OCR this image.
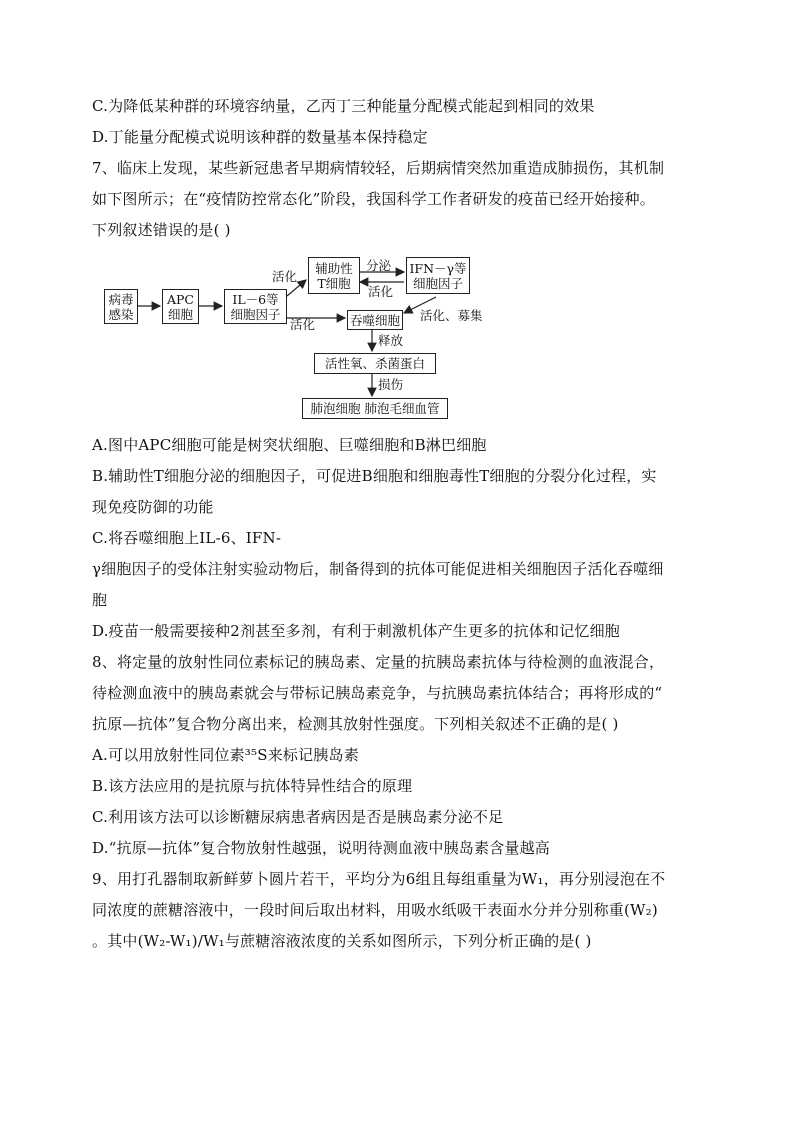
C.为降低某种群的环境容纳量，乙丙丁三种能量分配模式能起到相同的效果
D.丁能量分配模式说明该种群的数量基本保持稳定
7、临床上发现，某些新冠患者早期病情较轻，后期病情突然加重造成肺损伤，其机制
如下图所示；在“疫情防控常态化”阶段，我国科学工作者研发的疫苗已经开始接种。
下列叙述错误的是( )
病毒
感染
APC
细胞
IL－6等
细胞因子
辅助性
T细胞
IFN－γ等
细胞因子
吞噬细胞
活性氧、杀菌蛋白
肺泡细胞 肺泡毛细血管
活化
活化
分泌
活化
活化、募集
释放
损伤
A.图中APC细胞可能是树突状细胞、巨噬细胞和B淋巴细胞
B.辅助性T细胞分泌的细胞因子，可促进B细胞和细胞毒性T细胞的分裂分化过程，实
现免疫防御的功能
C.将吞噬细胞上IL-6、IFN-
γ细胞因子的受体注射实验动物后，制备得到的抗体可能促进相关细胞因子活化吞噬细
胞
D.疫苗一般需要接种2剂甚至多剂，有利于刺激机体产生更多的抗体和记忆细胞
8、将定量的放射性同位素标记的胰岛素、定量的抗胰岛素抗体与待检测的血液混合，
待检测血液中的胰岛素就会与带标记胰岛素竞争，与抗胰岛素抗体结合；再将形成的“
抗原—抗体”复合物分离出来，检测其放射性强度。下列相关叙述不正确的是( )
A.可以用放射性同位素³⁵S来标记胰岛素
B.该方法应用的是抗原与抗体特异性结合的原理
C.利用该方法可以诊断糖尿病患者病因是否是胰岛素分泌不足
D.“抗原—抗体”复合物放射性越强，说明待测血液中胰岛素含量越高
9、用打孔器制取新鲜萝卜圆片若干，平均分为6组且每组重量为W₁，再分别浸泡在不
同浓度的蔗糖溶液中，一段时间后取出材料，用吸水纸吸干表面水分并分别称重(W₂)
。其中(W₂-W₁)/W₁与蔗糖溶液浓度的关系如图所示，下列分析正确的是( )
